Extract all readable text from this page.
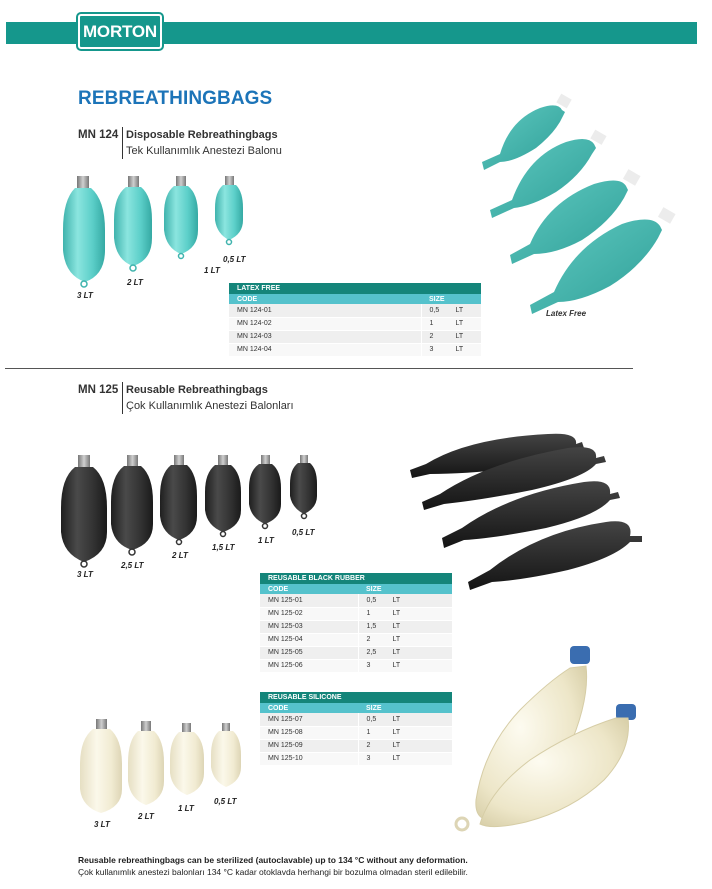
MORTON
REBREATHINGBAGS
MN 124 Disposable Rebreathingbags
Tek Kullanımlık Anestezi Balonu
3 LT
2 LT
1 LT
0,5 LT
Latex Free
LATEX FREE	
CODE	SIZE
MN 124-01	0,5 LT
MN 124-02	1 LT
MN 124-03	2 LT
MN 124-04	3 LT
MN 125 Reusable Rebreathingbags
Çok Kullanımlık Anestezi Balonları
3 LT
2,5 LT
2 LT
1,5 LT
1 LT
0,5 LT
REUSABLE BLACK RUBBER	
CODE	SIZE
MN 125-01	0,5 LT
MN 125-02	1 LT
MN 125-03	1,5 LT
MN 125-04	2 LT
MN 125-05	2,5 LT
MN 125-06	3 LT
REUSABLE SILICONE	
CODE	SIZE
MN 125-07	0,5 LT
MN 125-08	1 LT
MN 125-09	2 LT
MN 125-10	3 LT
3 LT
2 LT
1 LT
0,5 LT
Reusable rebreathingbags can be sterilized (autoclavable) up to 134 °C without any deformation.
Çok kullanımlık anestezi balonları 134 °C kadar otoklavda herhangi bir bozulma olmadan steril edilebilir.
